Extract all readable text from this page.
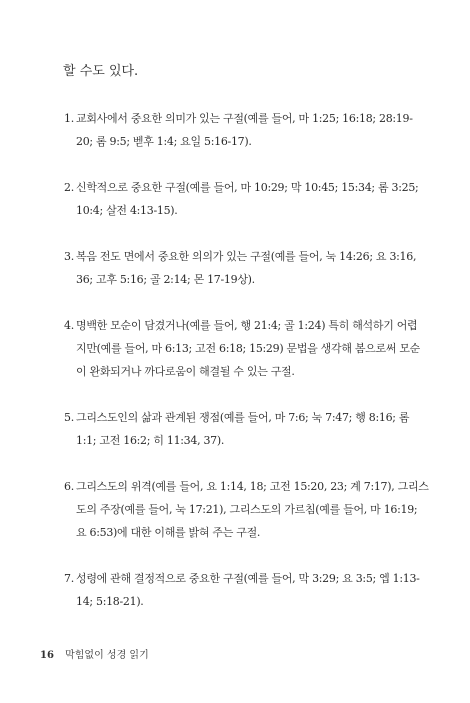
할 수도 있다.

1. 교회사에서 중요한 의미가 있는 구절(예를 들어, 마 1:25; 16:18; 28:19-
20; 롬 9:5; 벧후 1:4; 요일 5:16-17).
2. 신학적으로 중요한 구절(예를 들어, 마 10:29; 막 10:45; 15:34; 롬 3:25;
10:4; 살전 4:13-15).
3. 복음 전도 면에서 중요한 의의가 있는 구절(예를 들어, 눅 14:26; 요 3:16,
36; 고후 5:16; 골 2:14; 몬 17-19상).
4. 명백한 모순이 담겼거나(예를 들어, 행 21:4; 골 1:24) 특히 해석하기 어렵
지만(예를 들어, 마 6:13; 고전 6:18; 15:29) 문법을 생각해 봄으로써 모순
이 완화되거나 까다로움이 해결될 수 있는 구절.
5. 그리스도인의 삶과 관계된 쟁점(예를 들어, 마 7:6; 눅 7:47; 행 8:16; 롬
1:1; 고전 16:2; 히 11:34, 37).
6. 그리스도의 위격(예를 들어, 요 1:14, 18; 고전 15:20, 23; 계 7:17), 그리스
도의 주장(예를 들어, 눅 17:21), 그리스도의 가르침(예를 들어, 마 16:19;
요 6:53)에 대한 이해를 밝혀 주는 구절.
7. 성령에 관해 결정적으로 중요한 구절(예를 들어, 막 3:29; 요 3:5; 엡 1:13-
14; 5:18-21).
16 막힘없이 성경 읽기
